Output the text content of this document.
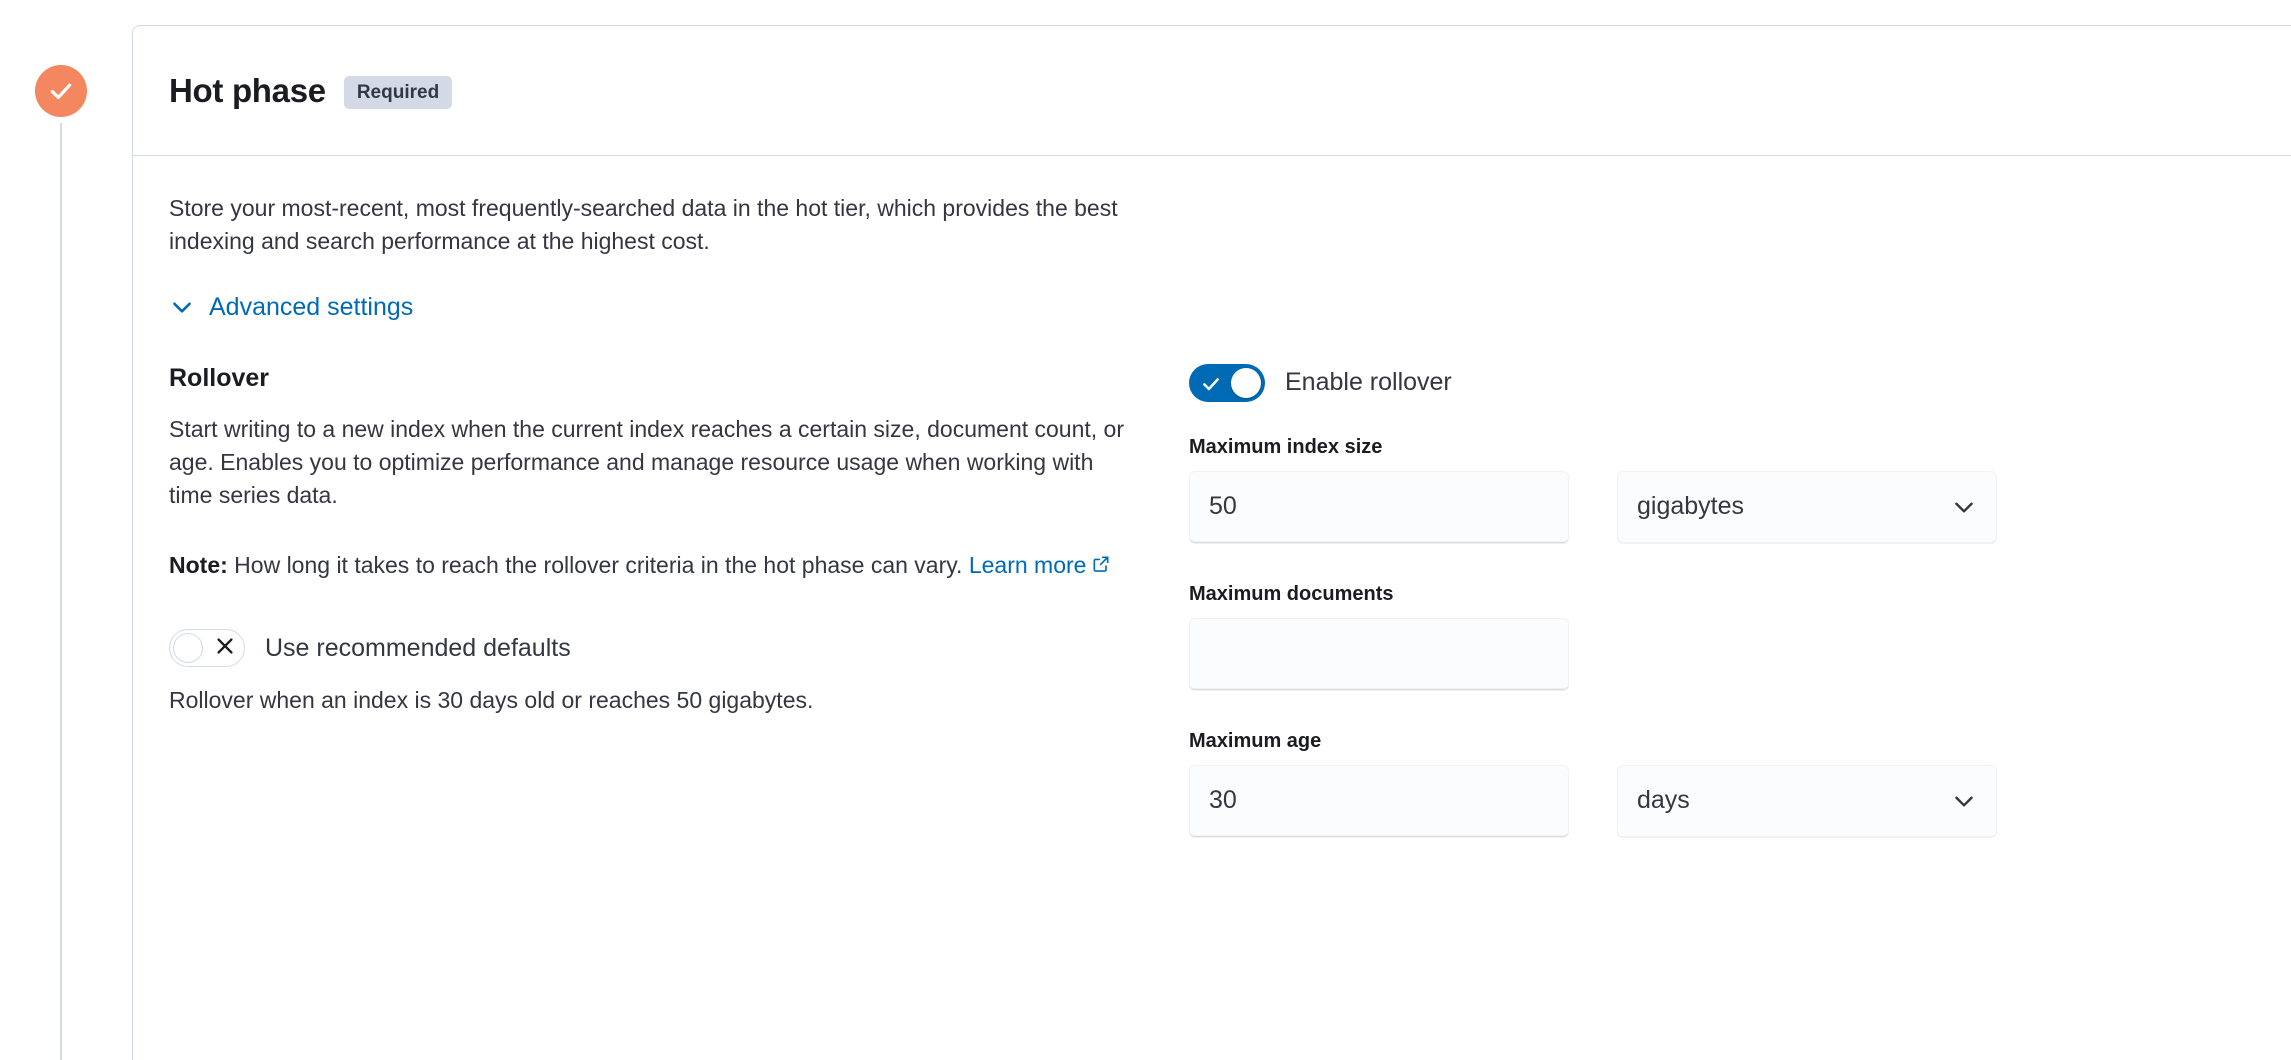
Hot phase	Required

Store your most-recent, most frequently-searched data in the hot tier, which provides the best indexing and search performance at the highest cost.

Advanced settings
Rollover

Start writing to a new index when the current index reaches a certain size, document count, or age. Enables you to optimize performance and manage resource usage when working with time series data.

Note: How long it takes to reach the rollover criteria in the hot phase can vary. Learn more

Use recommended defaults

Rollover when an index is 30 days old or reaches 50 gigabytes.

Enable rollover
Maximum index size
50

gigabytes
Maximum documents
Maximum age
30

days
